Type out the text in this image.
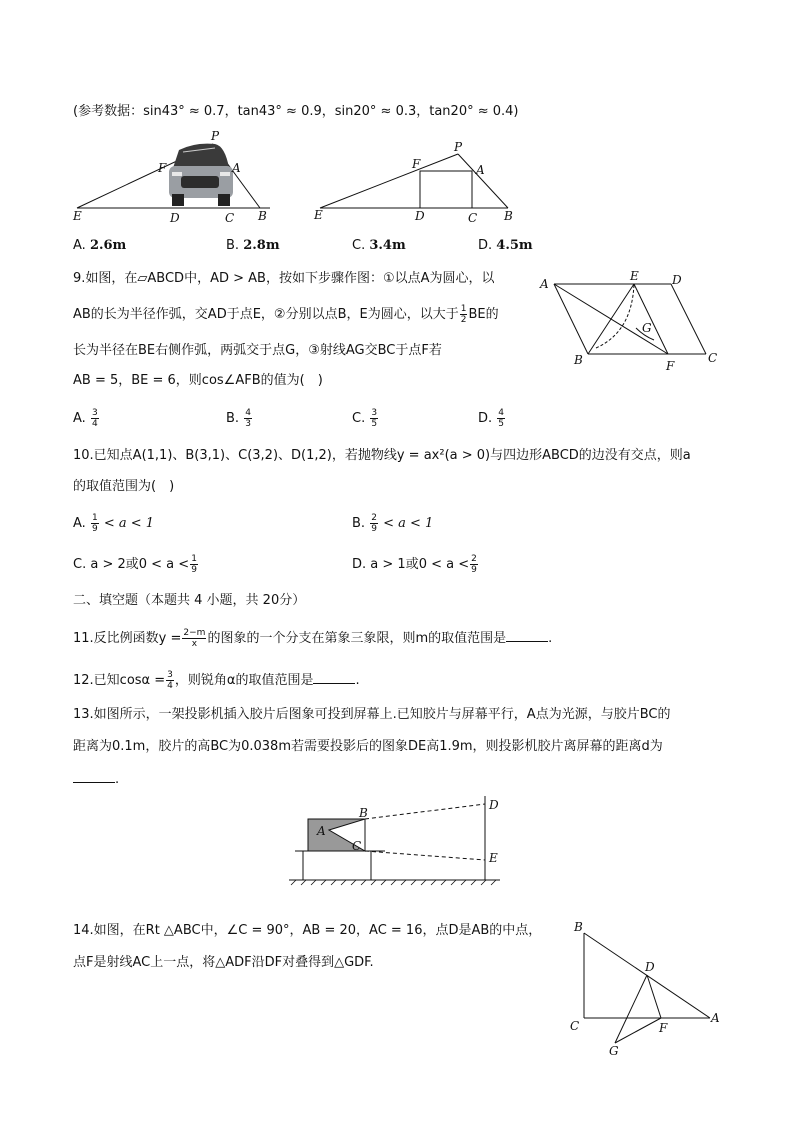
(参考数据：sin43° ≈ 0.7，tan43° ≈ 0.9，sin20° ≈ 0.3，tan20° ≈ 0.4)
P
F	A
E	D	C B
F
P
A
E	D	C B
A. 2.6m	B. 2.8m	C. 3.4m	D. 4.5m
9.如图，在▱ABCD中，AD > AB，按如下步骤作图：①以点A为圆心，以
AB的长为半径作弧，交AD于点E，②分别以点B，E为圆心，以大于 $\frac{1}{2}$ BE的
长为半径在BE右侧作弧，两弧交于点G，③射线AG交BC于点F若
AB = 5，BE = 6，则cos∠AFB的值为(　)
A
E	D
G
B	F
C
A. $\frac{3}{4}$	B. $\frac{4}{3}$	C. $\frac{3}{5}$	D. $\frac{4}{5}$
10.已知点A(1,1)、B(3,1)、C(3,2)、D(1,2)，若抛物线y = ax²(a > 0)与四边形ABCD的边没有交点，则a
的取值范围为(　)
A. $\frac{1}{9} < a < 1$	B. $\frac{2}{9} < a < 1$
C. a > 2或$0 < a < \frac{1}{9}$	D. a > 1或$0 < a < \frac{2}{9}$
二、填空题（本题共 4 小题，共 20分）
11.反比例函数$y = \frac{2-m}{x}$ 的图象的一个分支在第象三象限，则m的取值范围是	.
12.已知$\cos\alpha = \frac{3}{4}$ ，则锐角α的取值范围是	.
13.如图所示，一架投影机插入胶片后图象可投到屏幕上.已知胶片与屏幕平行，A点为光源，与胶片BC的
距离为0.1m，胶片的高BC为0.038m若需要投影后的图象DE高1.9m，则投影机胶片离屏幕的距离d为
.
B
A
C
D
E
14.如图，在Rt △ABC中，∠C = 90°，AB = 20，AC = 16，点D是AB的中点，
点F是射线AC上一点，将△ADF沿DF对叠得到△GDF.
B
D
C	F
A
G
